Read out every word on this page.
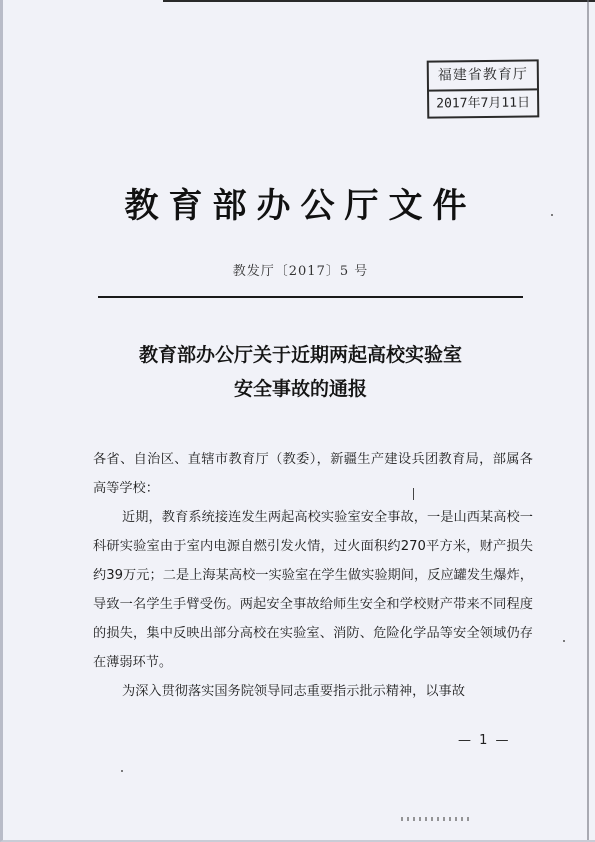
福建省教育厅
2017年7月11日
教育部办公厅文件
教发厅〔2017〕5 号
教育部办公厅关于近期两起高校实验室
安全事故的通报

各省、自治区、直辖市教育厅（教委），新疆生产建设兵团教育局，部属各高等学校：

近期，教育系统接连发生两起高校实验室安全事故，一是山西某高校一科研实验室由于室内电源自燃引发火情，过火面积约270平方米，财产损失约39万元；二是上海某高校一实验室在学生做实验期间，反应罐发生爆炸，导致一名学生手臂受伤。两起安全事故给师生安全和学校财产带来不同程度的损失，集中反映出部分高校在实验室、消防、危险化学品等安全领域仍存在薄弱环节。

为深入贯彻落实国务院领导同志重要指示批示精神，以事故

— 1 —
